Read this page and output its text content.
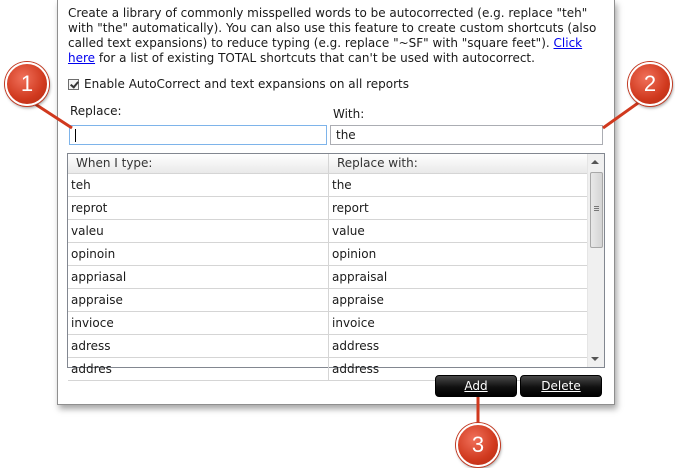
Create a library of commonly misspelled words to be autocorrected (e.g. replace "teh" with "the" automatically). You can also use this feature to create custom shortcuts (also called text expansions) to reduce typing (e.g. replace "~SF" with "square feet"). Click here for a list of existing TOTAL shortcuts that can't be used with autocorrect.
Enable AutoCorrect and text expansions on all reports
Replace:	With:
the
When I type:	Replace with:
teh	the
reprot	report
valeu	value
opinoin	opinion
appriasal	appraisal
appraise	appraise
invioce	invoice
adress	address
addres	address
Add	Delete
1	2
3
